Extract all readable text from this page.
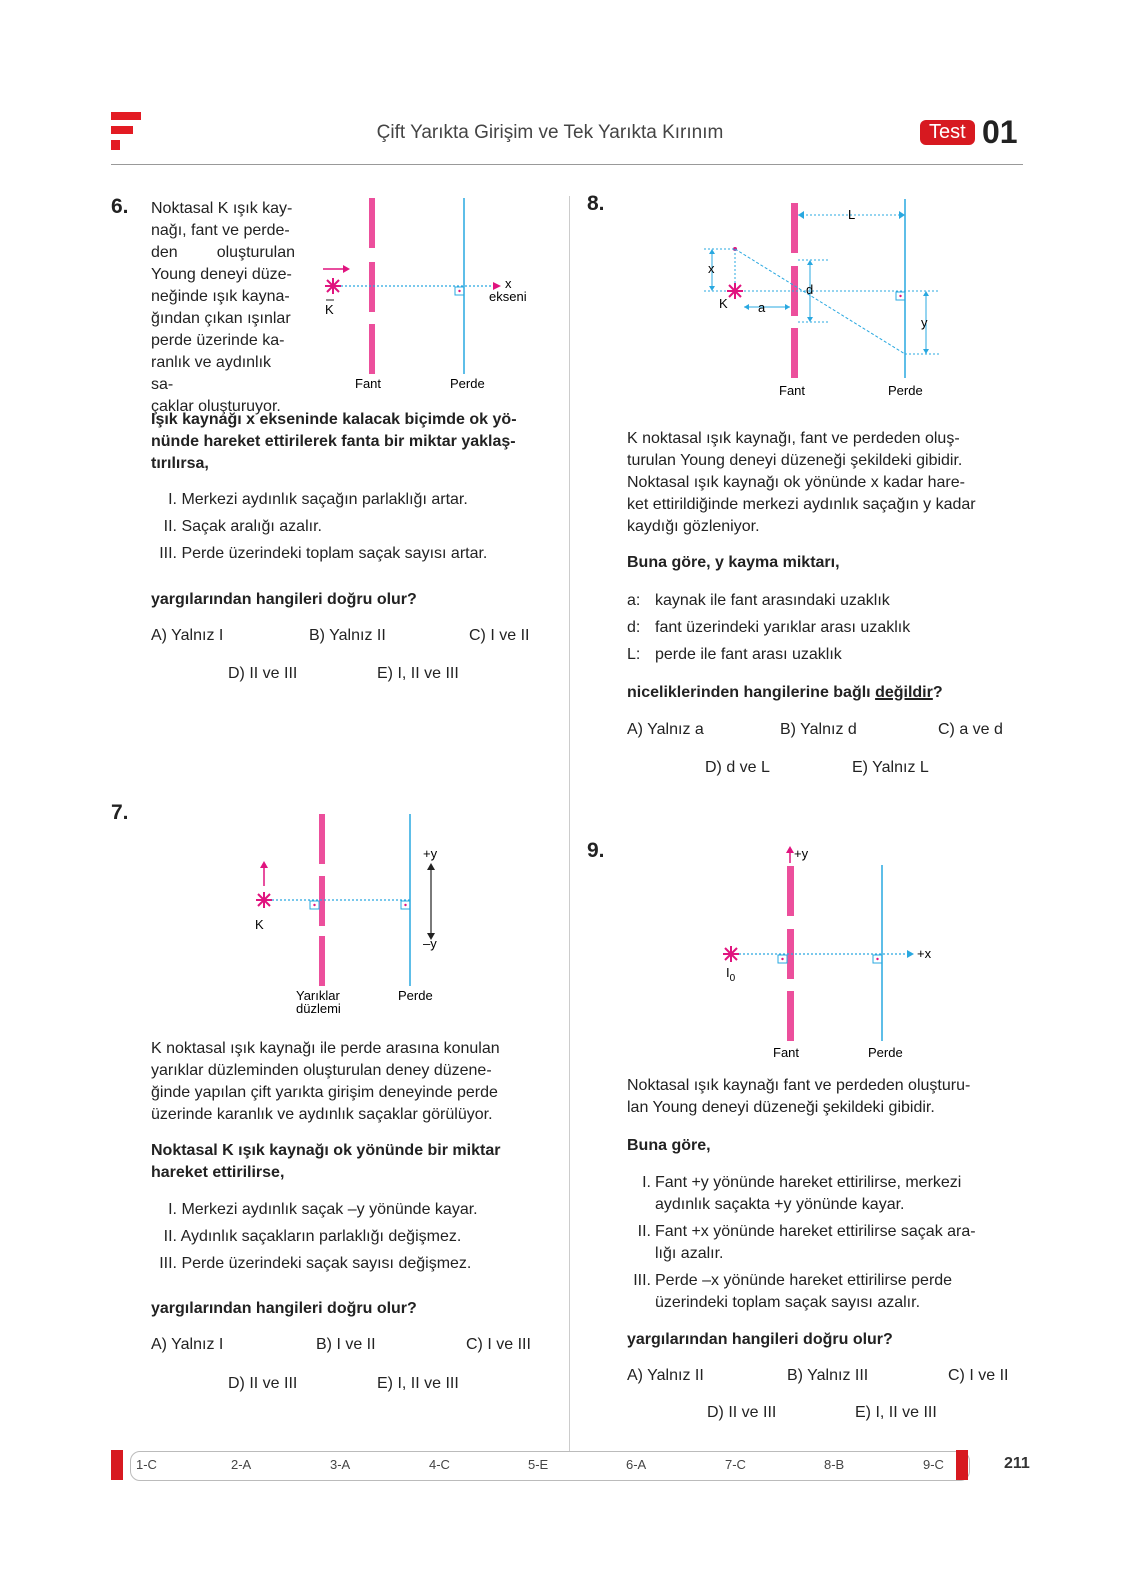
Çift Yarıkta Girişim ve Tek Yarıkta Kırınım	Test 01
6. Noktasal K ışık kay-
nağı, fant ve perde-
den oluşturulan
Young deneyi düze-
neğinde ışık kayna-
ğından çıkan ışınlar
perde üzerinde ka-
ranlık ve aydınlık sa-
çaklar oluşturuyor.
K
x
ekseni
Fant	Perde
Işık kaynağı x ekseninde kalacak biçimde ok yö-
nünde hareket ettirilerek fanta bir miktar yaklaş-
tırılırsa,
I. Merkezi aydınlık saçağın parlaklığı artar.
II. Saçak aralığı azalır.
III. Perde üzerindeki toplam saçak sayısı artar.
yargılarından hangileri doğru olur?
A) Yalnız I	B) Yalnız II	C) I ve II
D) II ve III	E) I, II ve III
7.
+y
–y
K
Yarıklar
düzlemi
Perde
K noktasal ışık kaynağı ile perde arasına konulan
yarıklar düzleminden oluşturulan deney düzene-
ğinde yapılan çift yarıkta girişim deneyinde perde
üzerinde karanlık ve aydınlık saçaklar görülüyor.
Noktasal K ışık kaynağı ok yönünde bir miktar
hareket ettirilirse,
I. Merkezi aydınlık saçak –y yönünde kayar.
II. Aydınlık saçakların parlaklığı değişmez.
III. Perde üzerindeki saçak sayısı değişmez.
yargılarından hangileri doğru olur?
A) Yalnız I	B) I ve II	C) I ve III
D) II ve III	E) I, II ve III
8.	L
x
K a
d
y
Fant	Perde
K noktasal ışık kaynağı, fant ve perdeden oluş-
turulan Young deneyi düzeneği şekildeki gibidir.
Noktasal ışık kaynağı ok yönünde x kadar hare-
ket ettirildiğinde merkezi aydınlık saçağın y kadar
kaydığı gözleniyor.
Buna göre, y kayma miktarı,
a: kaynak ile fant arasındaki uzaklık
d: fant üzerindeki yarıklar arası uzaklık
L: perde ile fant arası uzaklık
niceliklerinden hangilerine bağlı değildir?
A) Yalnız a	B) Yalnız d	C) a ve d
D) d ve L	E) Yalnız L
9.	+y
+x
$I_0$
Fant	Perde
Noktasal ışık kaynağı fant ve perdeden oluşturu-
lan Young deneyi düzeneği şekildeki gibidir.
Buna göre,
I. Fant +y yönünde hareket ettirilirse, merkezi
aydınlık saçakta +y yönünde kayar.
II. Fant +x yönünde hareket ettirilirse saçak ara-
lığı azalır.
III. Perde –x yönünde hareket ettirilirse perde
üzerindeki toplam saçak sayısı azalır.
yargılarından hangileri doğru olur?
A) Yalnız II	B) Yalnız III	C) I ve II
D) II ve III	E) I, II ve III
1-C	2-A	3-A	4-C	5-E	6-A	7-C	8-B	9-C	211
